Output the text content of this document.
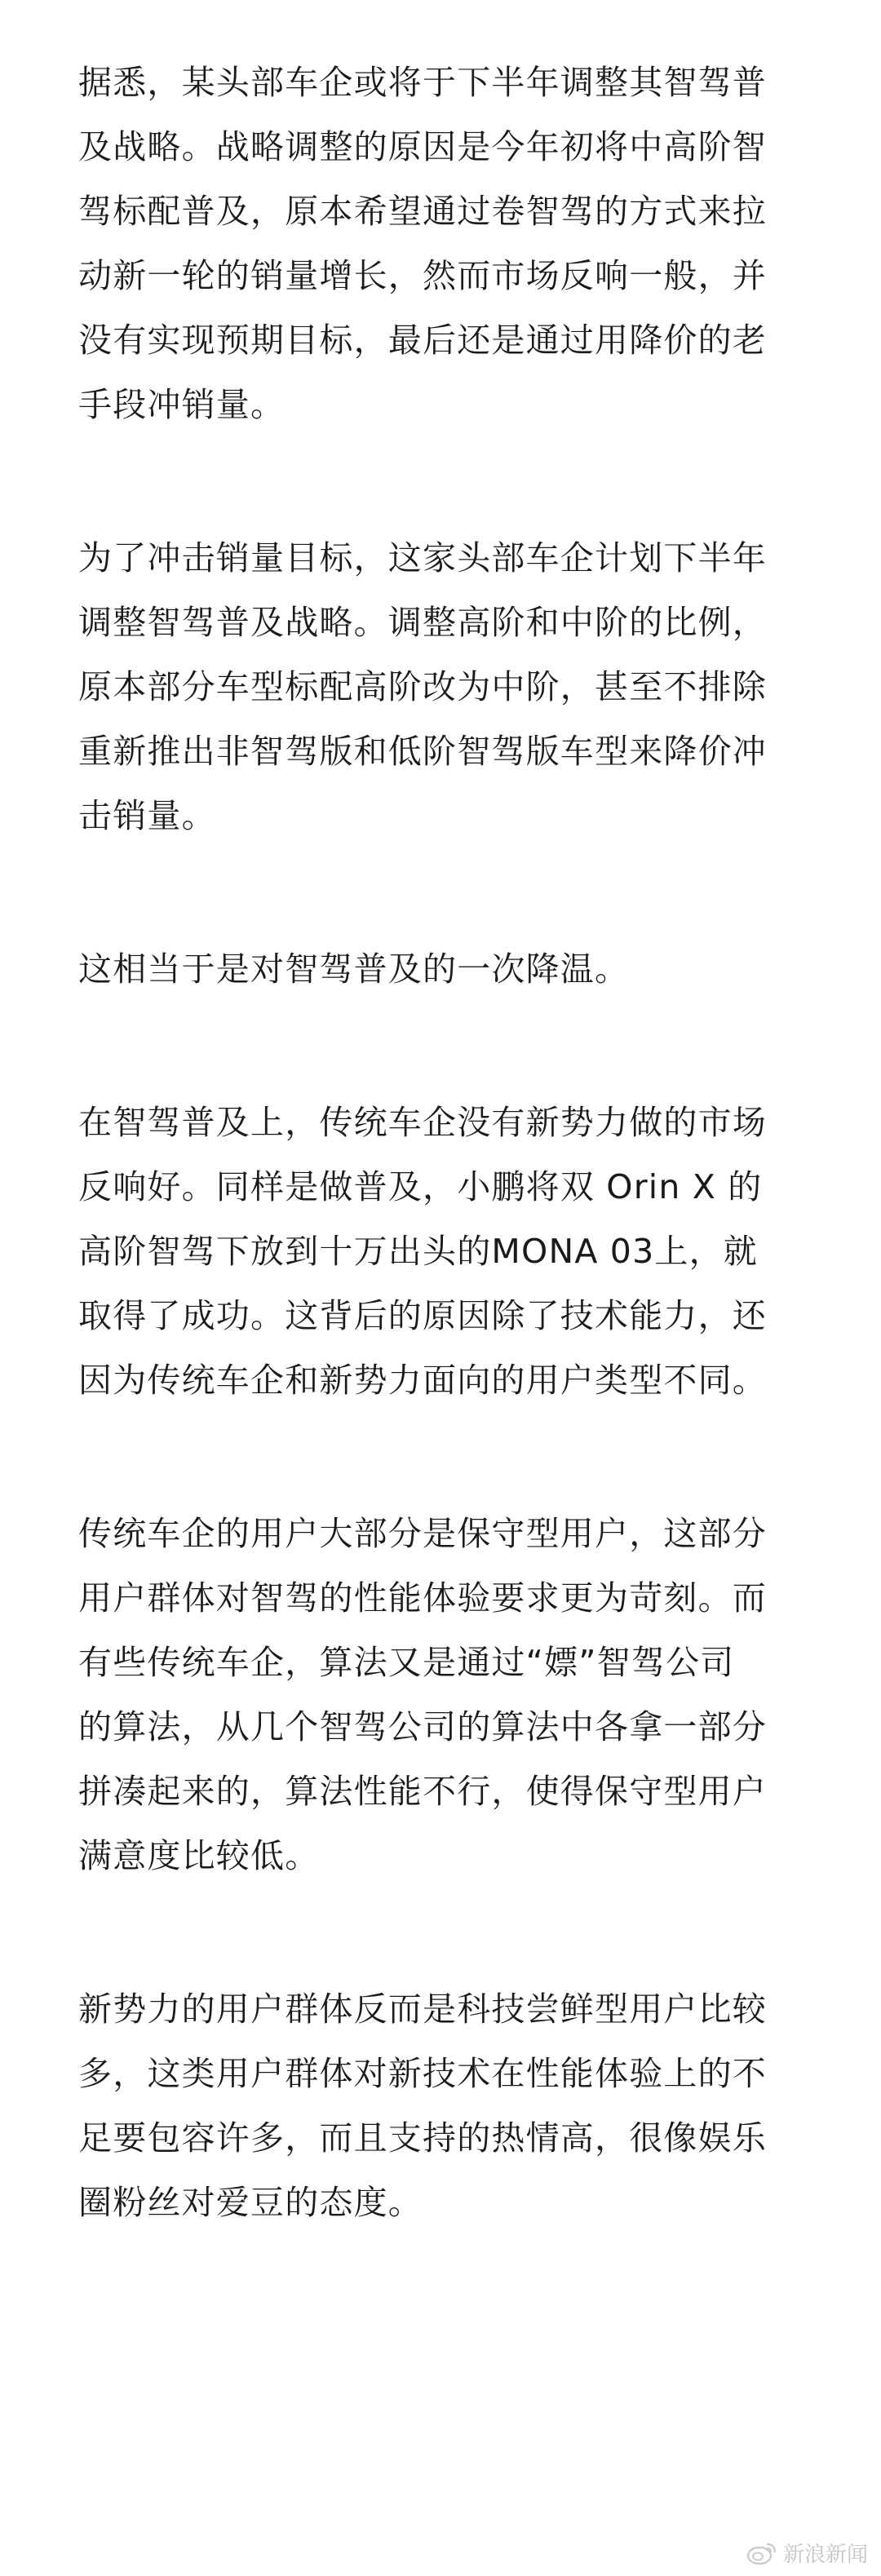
据悉，某头部车企或将于下半年调整其智驾普
及战略。战略调整的原因是今年初将中高阶智
驾标配普及，原本希望通过卷智驾的方式来拉
动新一轮的销量增长，然而市场反响一般，并
没有实现预期目标，最后还是通过用降价的老
手段冲销量。

为了冲击销量目标，这家头部车企计划下半年
调整智驾普及战略。调整高阶和中阶的比例，
原本部分车型标配高阶改为中阶，甚至不排除
重新推出非智驾版和低阶智驾版车型来降价冲
击销量。

这相当于是对智驾普及的一次降温。

在智驾普及上，传统车企没有新势力做的市场
反响好。同样是做普及，小鹏将双 Orin X 的
高阶智驾下放到十万出头的MONA 03上，就
取得了成功。这背后的原因除了技术能力，还
因为传统车企和新势力面向的用户类型不同。

传统车企的用户大部分是保守型用户，这部分
用户群体对智驾的性能体验要求更为苛刻。而
有些传统车企，算法又是通过“嫖”智驾公司
的算法，从几个智驾公司的算法中各拿一部分
拼凑起来的，算法性能不行，使得保守型用户
满意度比较低。

新势力的用户群体反而是科技尝鲜型用户比较
多，这类用户群体对新技术在性能体验上的不
足要包容许多，而且支持的热情高，很像娱乐
圈粉丝对爱豆的态度。

新浪新闻
